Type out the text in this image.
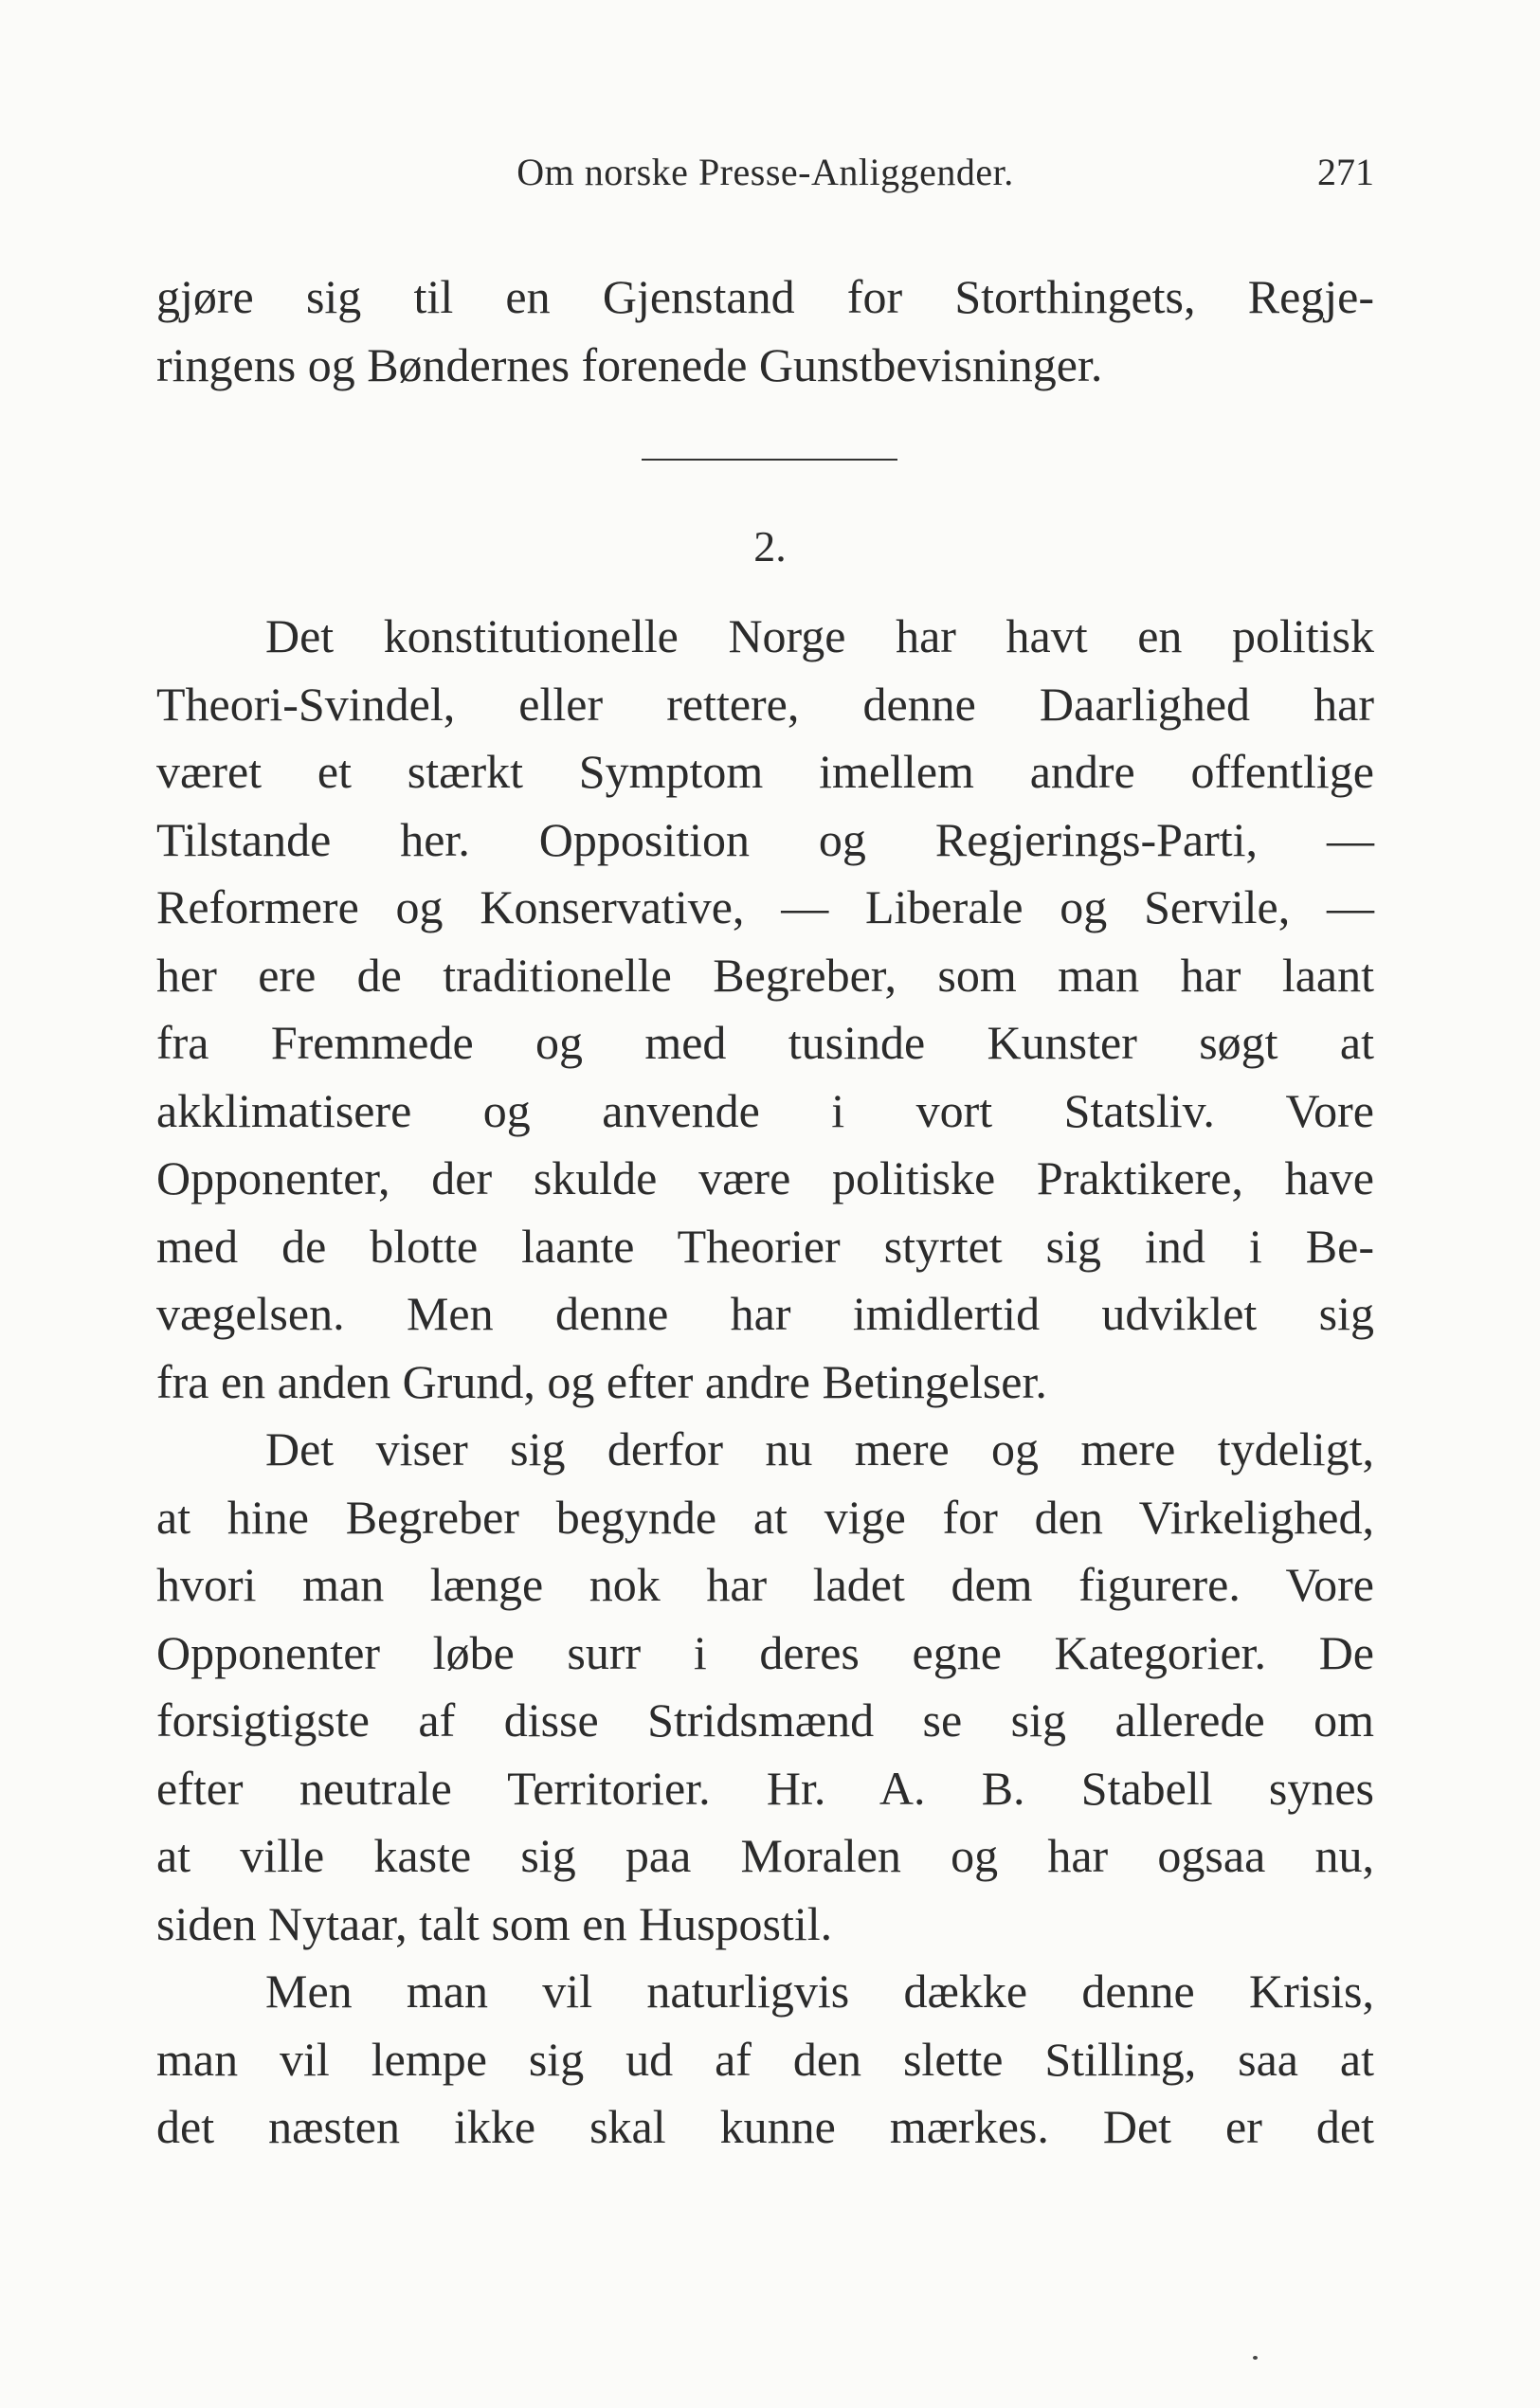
Om norske Presse-Anliggender.	271
gjøre sig til en Gjenstand for Storthingets, Regje-
ringens og Bøndernes forenede Gunstbevisninger.
2.
Det konstitutionelle Norge har havt en politisk
Theori-Svindel, eller rettere, denne Daarlighed har
været et stærkt Symptom imellem andre offentlige
Tilstande her. Opposition og Regjerings-Parti, —
Reformere og Konservative, — Liberale og Servile, —
her ere de traditionelle Begreber, som man har laant
fra Fremmede og med tusinde Kunster søgt at
akklimatisere og anvende i vort Statsliv. Vore
Opponenter, der skulde være politiske Praktikere, have
med de blotte laante Theorier styrtet sig ind i Be-
vægelsen. Men denne har imidlertid udviklet sig
fra en anden Grund, og efter andre Betingelser.
Det viser sig derfor nu mere og mere tydeligt,
at hine Begreber begynde at vige for den Virkelighed,
hvori man længe nok har ladet dem figurere. Vore
Opponenter løbe surr i deres egne Kategorier. De
forsigtigste af disse Stridsmænd se sig allerede om
efter neutrale Territorier. Hr. A. B. Stabell synes
at ville kaste sig paa Moralen og har ogsaa nu,
siden Nytaar, talt som en Huspostil.
Men man vil naturligvis dække denne Krisis,
man vil lempe sig ud af den slette Stilling, saa at
det næsten ikke skal kunne mærkes. Det er det
